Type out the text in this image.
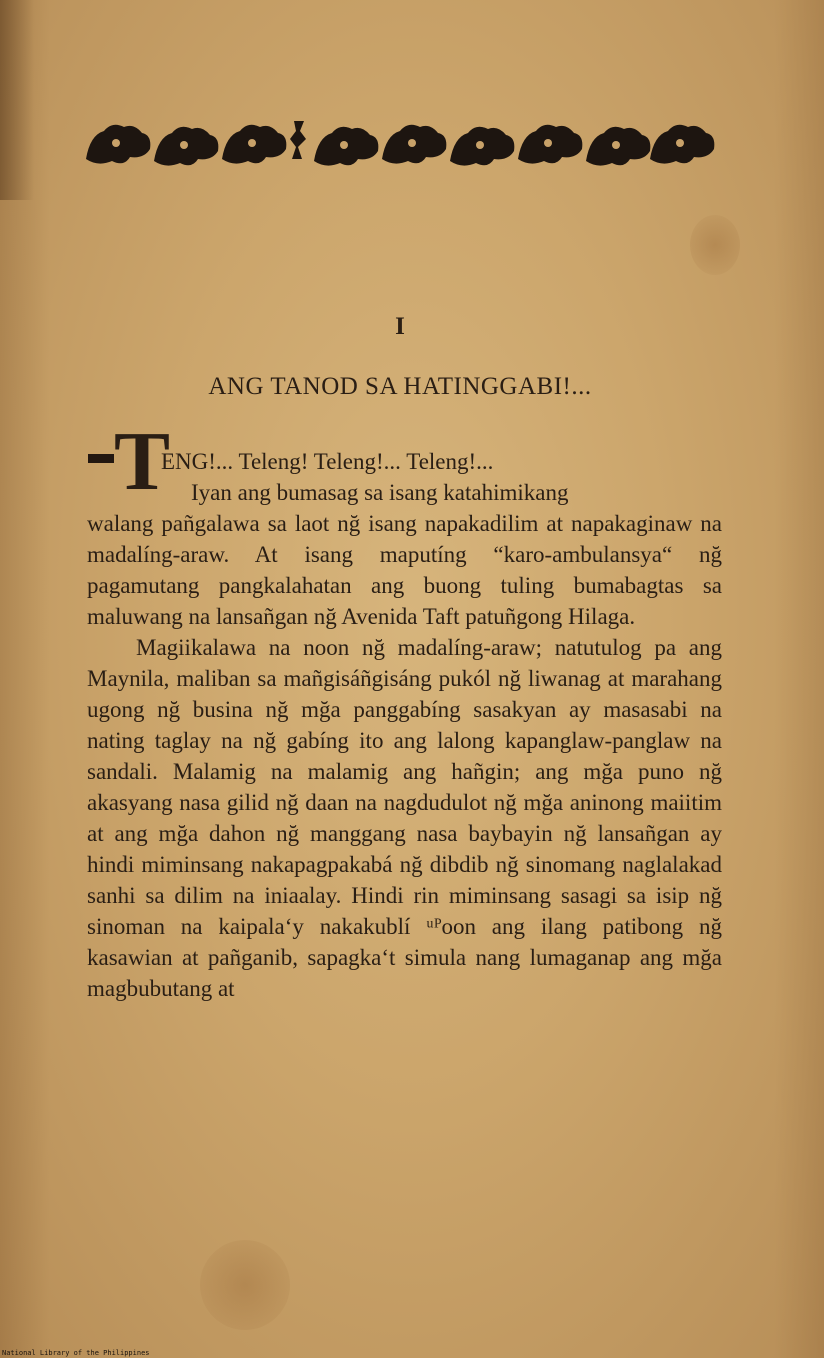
I
ANG TANOD SA HATINGGABI!...
T

ENG!... Teleng! Teleng!... Teleng!...

Iyan ang bumasag sa isang katahimikang

walang pañgalawa sa laot nğ isang napakadilim at napakaginaw na madalíng-araw. At isang maputíng “karo-ambulansya“ nğ pagamutang pangkalahatan ang buong tuling bumabagtas sa maluwang na lansañgan nğ Avenida Taft patuñgong Hilaga.

Magiikalawa na noon nğ madalíng-araw; natutulog pa ang Maynila, maliban sa mañgisáñgisáng pukól nğ liwanag at marahang ugong nğ busina nğ mğa panggabíng sasakyan ay masasabi na nating taglay na nğ gabíng ito ang lalong kapanglaw-panglaw na sandali. Malamig na malamig ang hañgin; ang mğa puno nğ akasyang nasa gilid nğ daan na nagdudulot nğ mğa aninong maiitim at ang mğa dahon nğ manggang nasa baybayin nğ lansañgan ay hindi miminsang nakapagpakabá nğ dibdib nğ sinomang naglalakad sanhi sa dilim na iniaalay. Hindi rin miminsang sasagi sa isip nğ sinoman na kaipala‘y nakakublí ᵘᴾoon ang ilang patibong nğ kasawian at pañganib, sapagka‘t simula nang lumaganap ang mğa magbubutang at

National Library of the Philippines
